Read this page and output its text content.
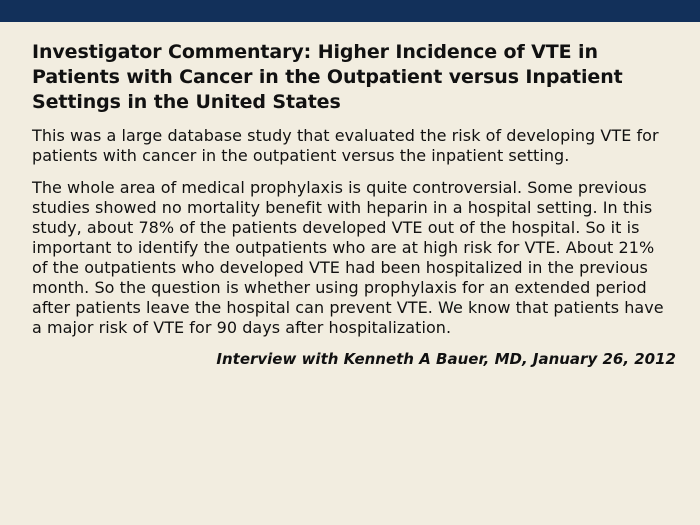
Investigator Commentary: Higher Incidence of VTE in Patients with Cancer in the Outpatient versus Inpatient Settings in the United States

This was a large database study that evaluated the risk of developing VTE for patients with cancer in the outpatient versus the inpatient setting.

The whole area of medical prophylaxis is quite controversial. Some previous studies showed no mortality benefit with heparin in a hospital setting. In this study, about 78% of the patients developed VTE out of the hospital. So it is important to identify the outpatients who are at high risk for VTE. About 21% of the outpatients who developed VTE had been hospitalized in the previous month. So the question is whether using prophylaxis for an extended period after patients leave the hospital can prevent VTE. We know that patients have a major risk of VTE for 90 days after hospitalization.

Interview with Kenneth A Bauer, MD, January 26, 2012
